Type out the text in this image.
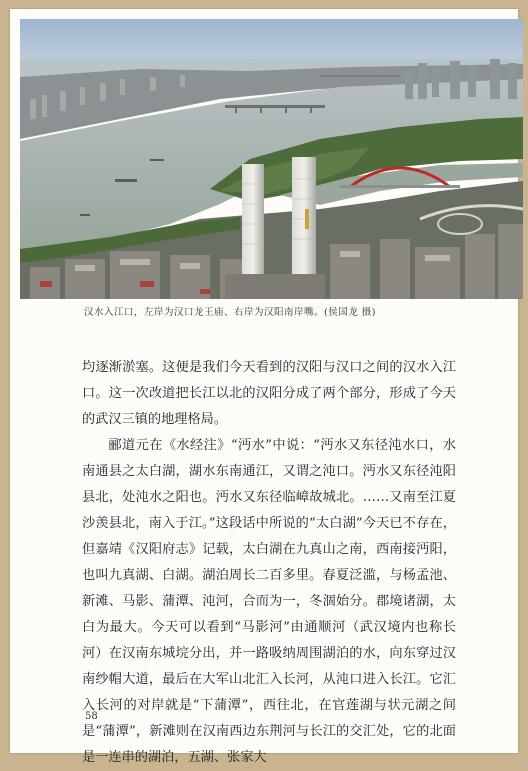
汉水入江口，左岸为汉口龙王庙、右岸为汉阳南岸嘴。(侯国龙 摄)

均逐渐淤塞。这便是我们今天看到的汉阳与汉口之间的汉水入江口。这一次改道把长江以北的汉阳分成了两个部分，形成了今天的武汉三镇的地理格局。

郦道元在《水经注》“沔水”中说：“沔水又东径沌水口，水南通县之太白湖，湖水东南通江，又谓之沌口。沔水又东径沌阳县北，处沌水之阳也。沔水又东径临嶂故城北。……又南至江夏沙羡县北，南入于江。”这段话中所说的“太白湖”今天已不存在，但嘉靖《汉阳府志》记载，太白湖在九真山之南，西南接沔阳，也叫九真湖、白湖。湖泊周长二百多里。春夏泛滥，与杨孟池、新滩、马影、蒲潭、沌河，合而为一，冬涸始分。郡境诸湖，太白为最大。今天可以看到“马影河”由通顺河（武汉境内也称长河）在汉南东城垸分出，并一路吸纳周围湖泊的水，向东穿过汉南纱帽大道，最后在大军山北汇入长河，从沌口进入长江。它汇入长河的对岸就是“下蒲潭”，西往北，在官莲湖与状元湖之间是“蒲潭”，新滩则在汉南西边东荆河与长江的交汇处，它的北面是一连串的湖泊，五湖、张家大

58
